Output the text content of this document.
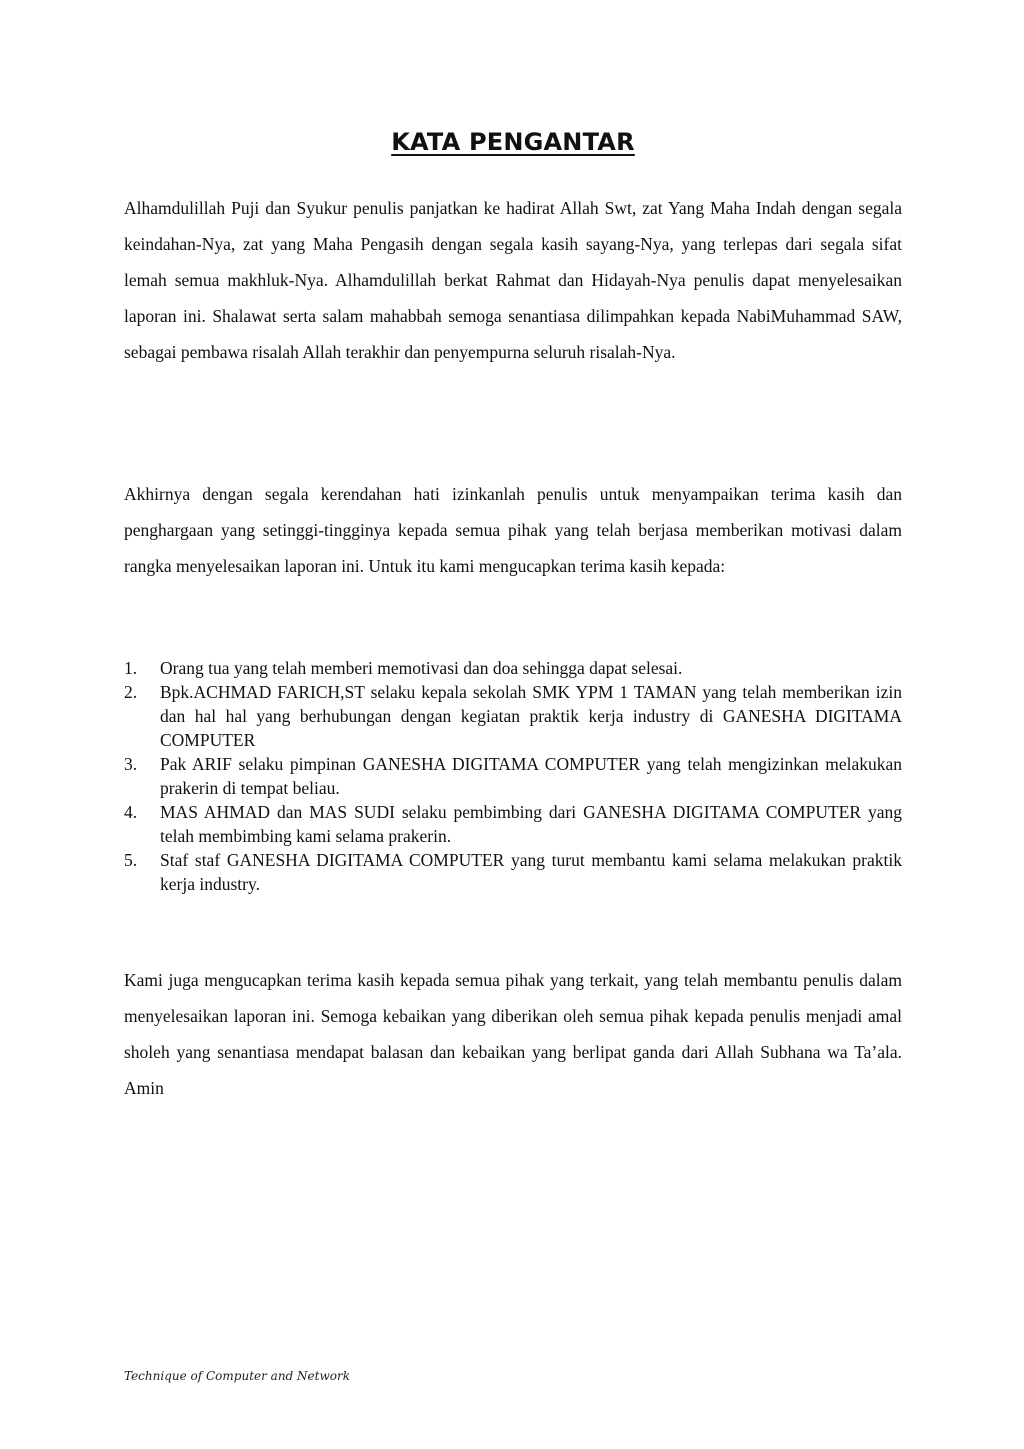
KATA PENGANTAR

Alhamdulillah Puji dan Syukur penulis panjatkan ke hadirat Allah Swt, zat Yang Maha Indah dengan segala keindahan-Nya, zat yang Maha Pengasih dengan segala kasih sayang-Nya, yang terlepas dari segala sifat lemah semua makhluk-Nya. Alhamdulillah berkat Rahmat dan Hidayah-Nya penulis dapat menyelesaikan laporan ini. Shalawat serta salam mahabbah semoga senantiasa dilimpahkan kepada NabiMuhammad SAW, sebagai pembawa risalah Allah terakhir dan penyempurna seluruh risalah-Nya.

Akhirnya dengan segala kerendahan hati izinkanlah penulis untuk menyampaikan terima kasih dan penghargaan yang setinggi-tingginya kepada semua pihak yang telah berjasa memberikan motivasi dalam rangka menyelesaikan laporan ini. Untuk itu kami mengucapkan terima kasih kepada:

1. Orang tua yang telah memberi memotivasi dan doa sehingga dapat selesai.
2. Bpk.ACHMAD FARICH,ST selaku kepala sekolah SMK YPM 1 TAMAN yang telah memberikan izin dan hal hal yang berhubungan dengan kegiatan praktik kerja industry di GANESHA DIGITAMA COMPUTER
3. Pak ARIF selaku pimpinan GANESHA DIGITAMA COMPUTER yang telah mengizinkan melakukan prakerin di tempat beliau.
4. MAS AHMAD dan MAS SUDI selaku pembimbing dari GANESHA DIGITAMA COMPUTER yang telah membimbing kami selama prakerin.
5. Staf staf GANESHA DIGITAMA COMPUTER yang turut membantu kami selama melakukan praktik kerja industry.

Kami juga mengucapkan terima kasih kepada semua pihak yang terkait, yang telah membantu penulis dalam menyelesaikan laporan ini. Semoga kebaikan yang diberikan oleh semua pihak kepada penulis menjadi amal sholeh yang senantiasa mendapat balasan dan kebaikan yang berlipat ganda dari Allah Subhana wa Ta’ala. Amin

Technique of Computer and Network
